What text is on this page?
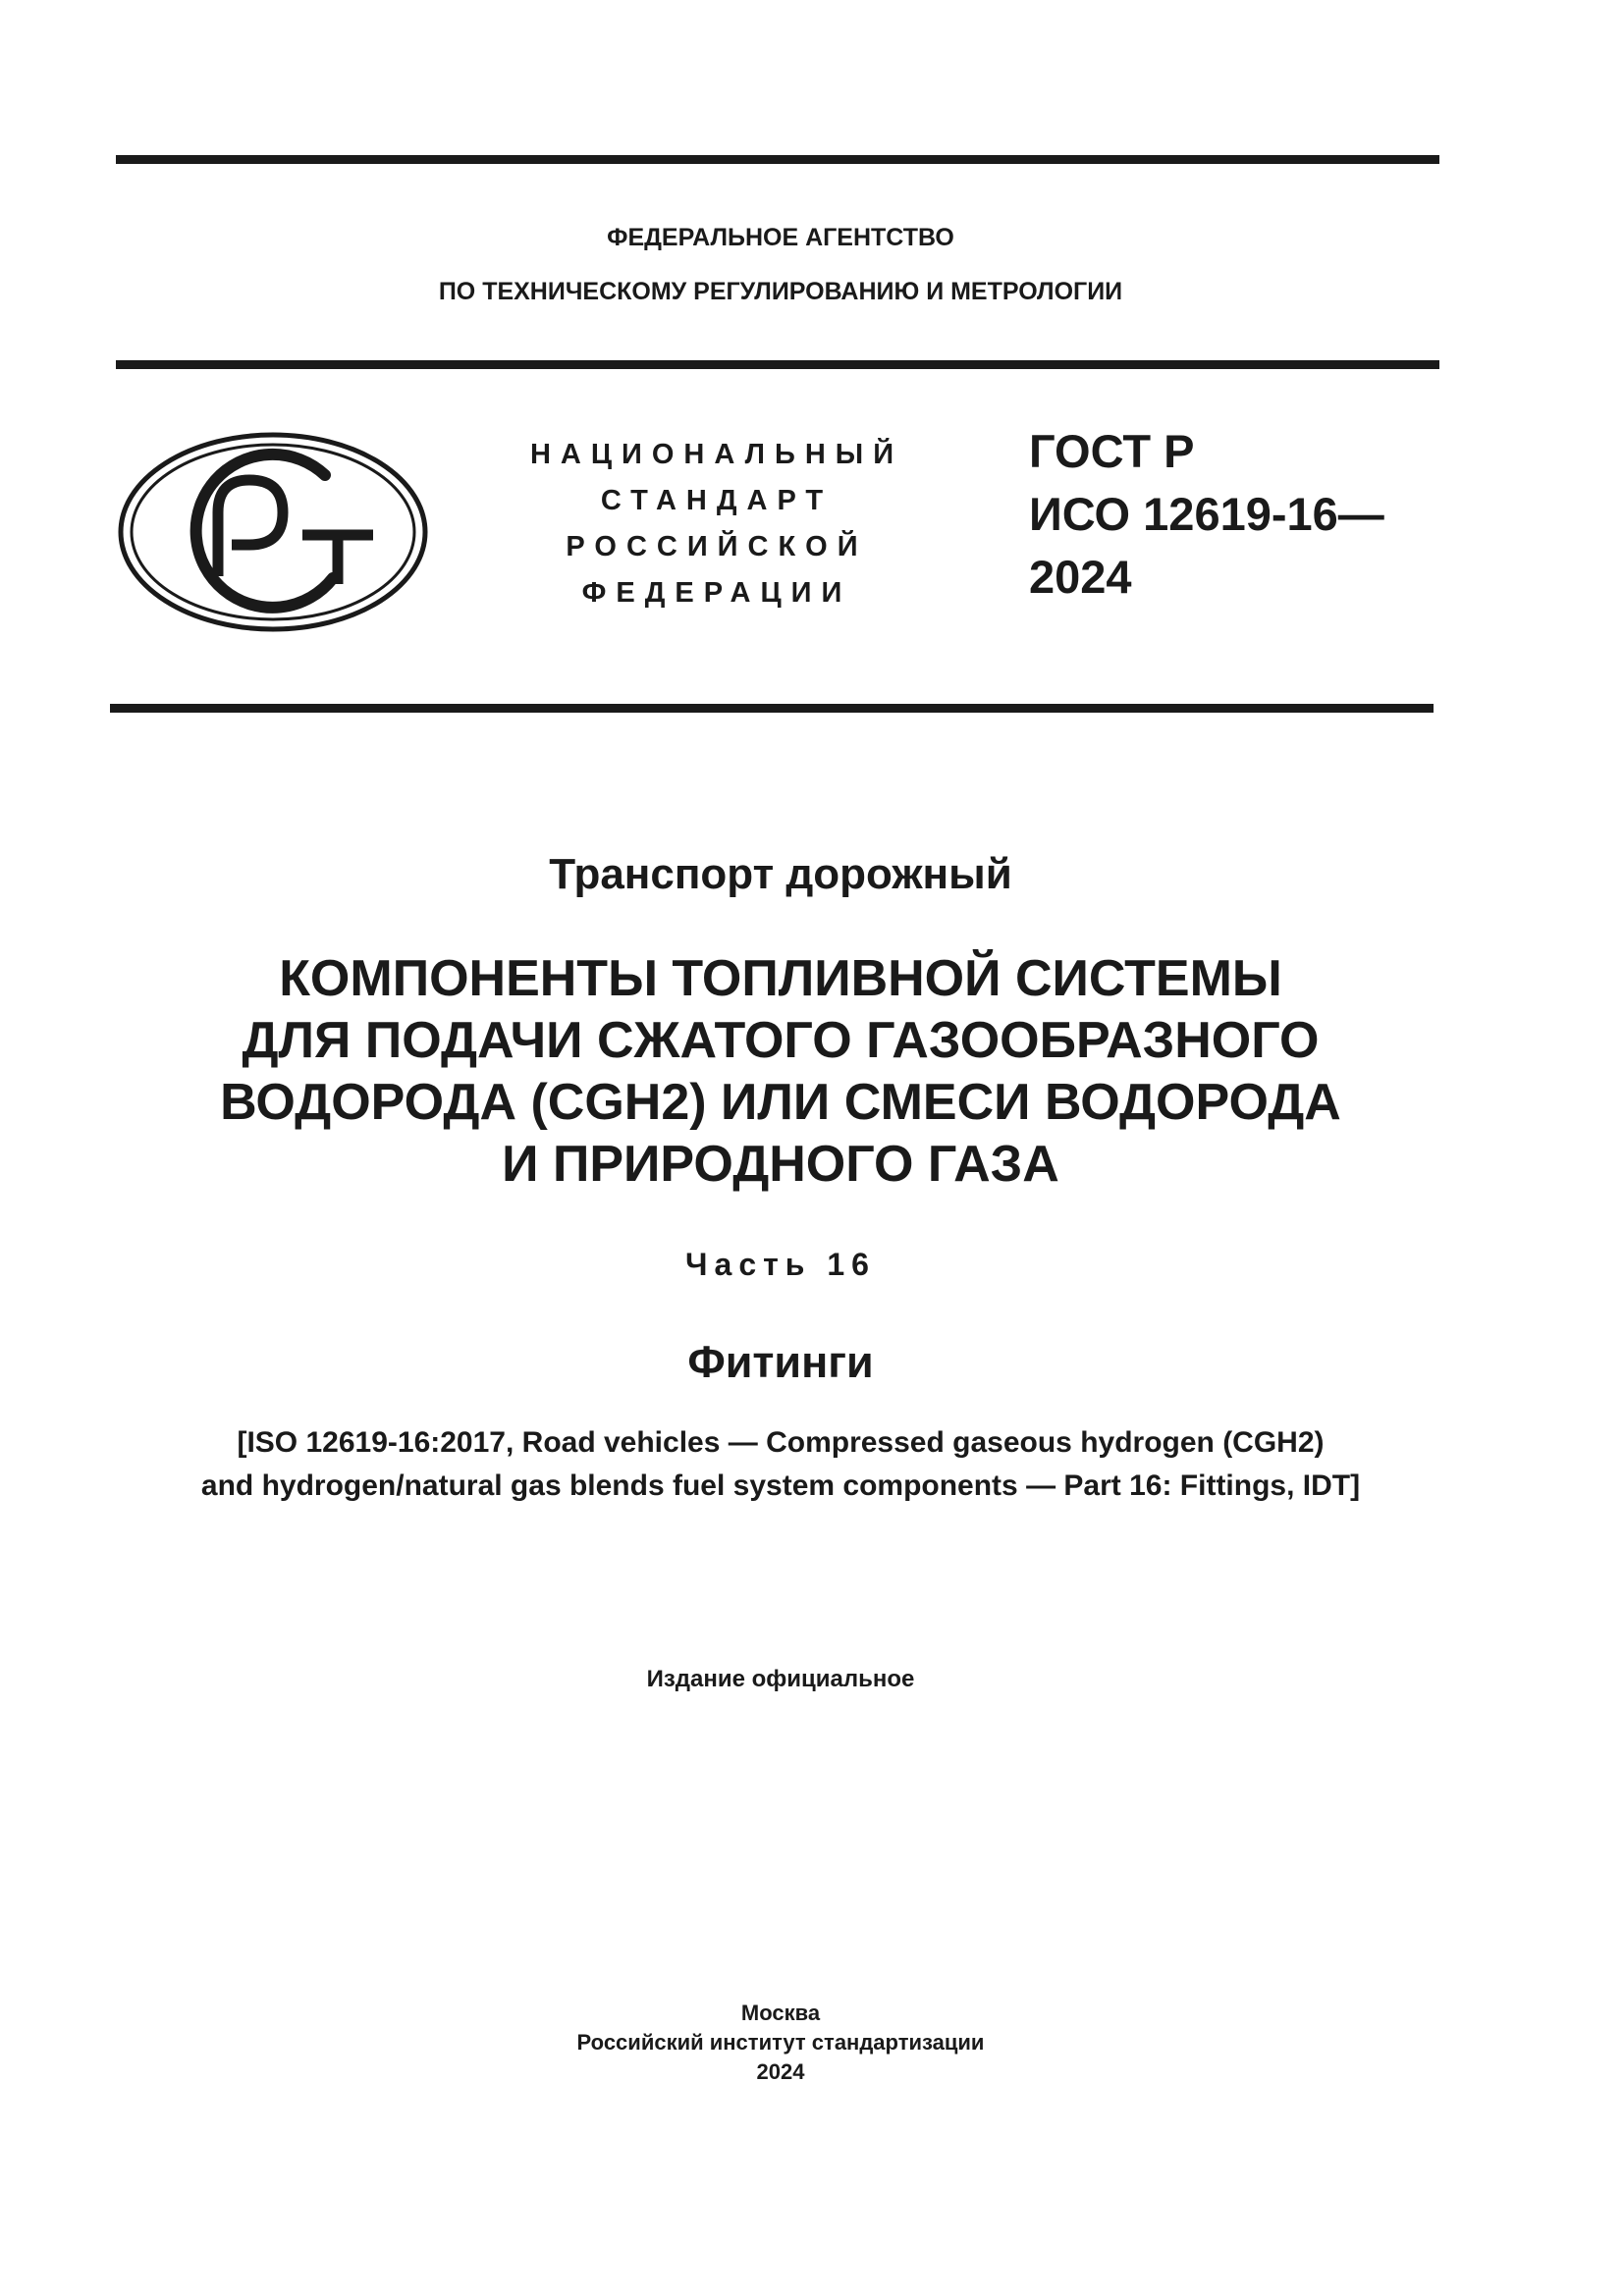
ФЕДЕРАЛЬНОЕ АГЕНТСТВО
ПО ТЕХНИЧЕСКОМУ РЕГУЛИРОВАНИЮ И МЕТРОЛОГИИ
НАЦИОНАЛЬНЫЙ
СТАНДАРТ
РОССИЙСКОЙ
ФЕДЕРАЦИИ
ГОСТ Р
ИСО 12619-16—
2024
Транспорт дорожный
КОМПОНЕНТЫ ТОПЛИВНОЙ СИСТЕМЫ
ДЛЯ ПОДАЧИ СЖАТОГО ГАЗООБРАЗНОГО
ВОДОРОДА (CGH2) ИЛИ СМЕСИ ВОДОРОДА
И ПРИРОДНОГО ГАЗА
Часть 16
Фитинги
[ISO 12619-16:2017, Road vehicles — Compressed gaseous hydrogen (CGH2)
and hydrogen/natural gas blends fuel system components — Part 16: Fittings, IDT]
Издание официальное
Москва
Российский институт стандартизации
2024
